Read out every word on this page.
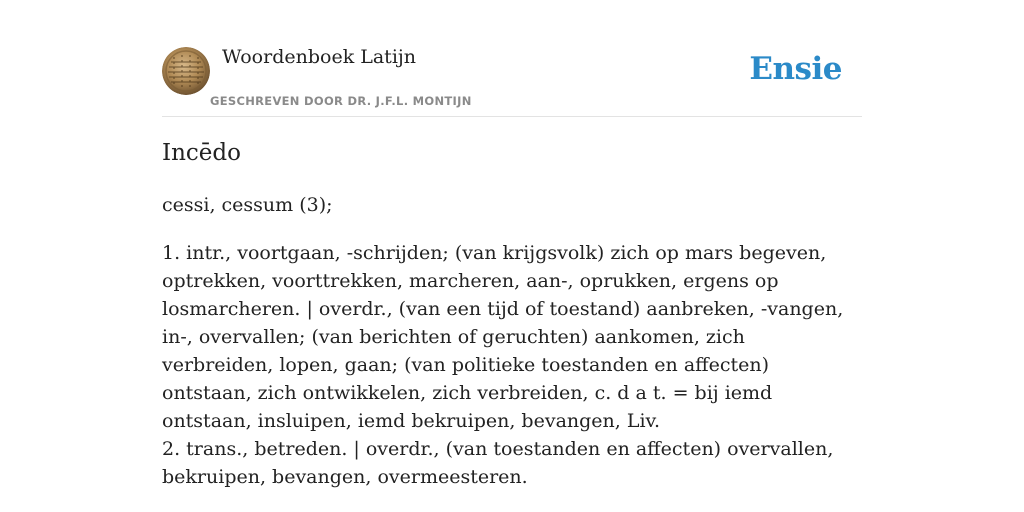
Woordenboek Latijn
GESCHREVEN DOOR DR. J.F.L. MONTIJN
Ensie
Incēdo
cessi, cessum (3);

1. intr., voortgaan, -schrijden; (van krijgsvolk) zich op mars begeven, optrekken, voorttrekken, marcheren, aan-, oprukken, ergens op losmarcheren. | overdr., (van een tijd of toestand) aanbreken, -vangen, in-, overvallen; (van berichten of geruchten) aankomen, zich verbreiden, lopen, gaan; (van politieke toestanden en affecten) ontstaan, zich ontwikkelen, zich verbreiden, c. d a t. = bij iemd ontstaan, insluipen, iemd bekruipen, bevangen, Liv.

2. trans., betreden. | overdr., (van toestanden en affecten) overvallen, bekruipen, bevangen, overmeesteren.
